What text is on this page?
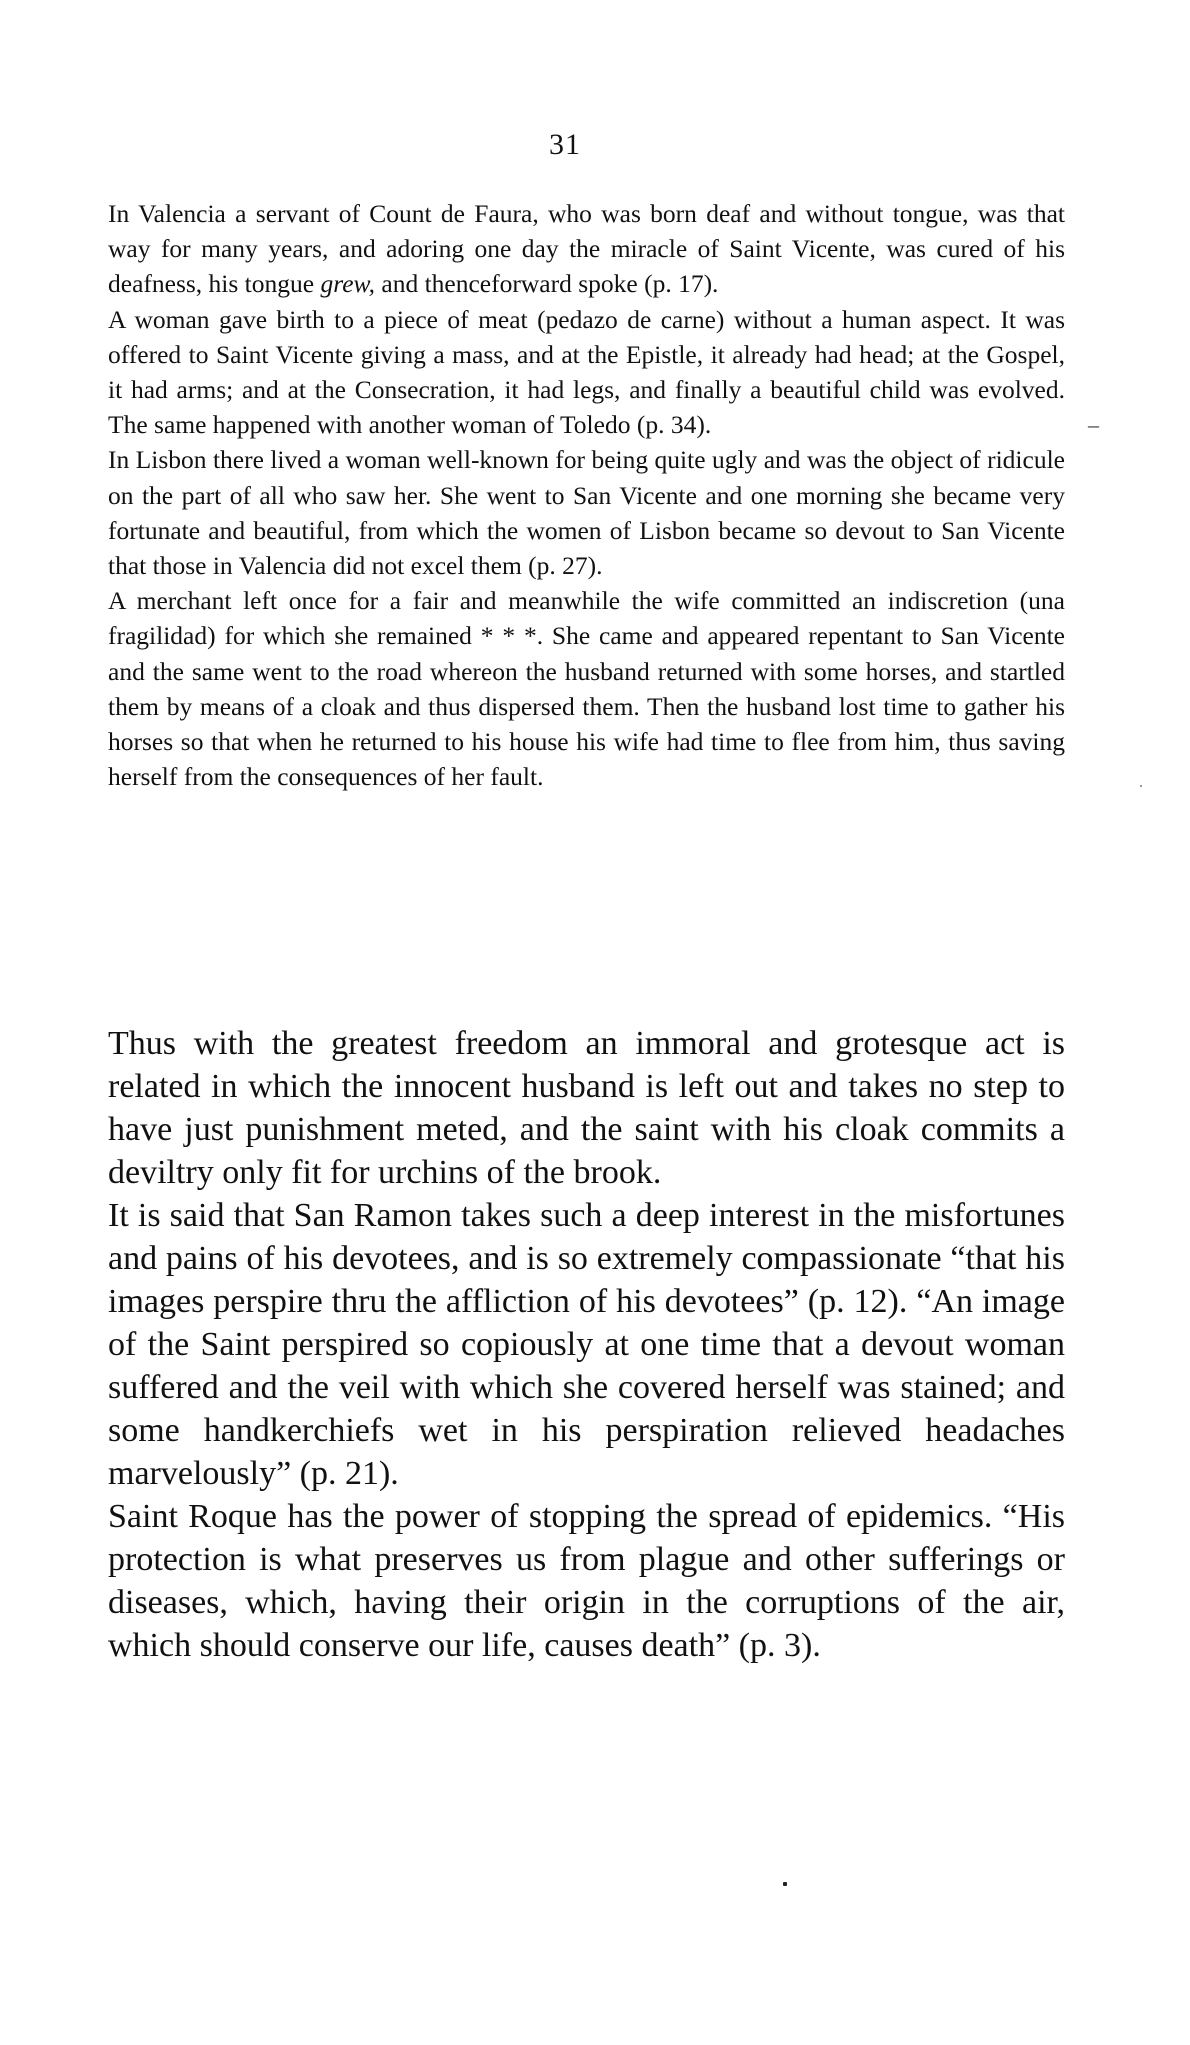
31
–

In Valencia a servant of Count de Faura, who was born deaf and without tongue, was that way for many years, and adoring one day the miracle of Saint Vicente, was cured of his deafness, his tongue grew, and thenceforward spoke (p. 17).

A woman gave birth to a piece of meat (pedazo de carne) without a human aspect. It was offered to Saint Vicente giving a mass, and at the Epistle, it already had head; at the Gospel, it had arms; and at the Consecration, it had legs, and finally a beautiful child was evolved. The same happened with another woman of Toledo (p. 34).

In Lisbon there lived a woman well-known for being quite ugly and was the object of ridicule on the part of all who saw her. She went to San Vicente and one morning she became very fortunate and beautiful, from which the women of Lisbon became so devout to San Vicente that those in Valencia did not excel them (p. 27).

A merchant left once for a fair and meanwhile the wife committed an indiscretion (una fragilidad) for which she remained * * *. She came and appeared repentant to San Vicente and the same went to the road whereon the husband returned with some horses, and startled them by means of a cloak and thus dispersed them. Then the husband lost time to gather his horses so that when he returned to his house his wife had time to flee from him, thus saving herself from the consequences of her fault.

Thus with the greatest freedom an immoral and grotesque act is related in which the innocent husband is left out and takes no step to have just punishment meted, and the saint with his cloak commits a deviltry only fit for urchins of the brook.

It is said that San Ramon takes such a deep interest in the misfortunes and pains of his devotees, and is so extremely compassionate “that his images perspire thru the affliction of his devotees” (p. 12). “An image of the Saint perspired so copiously at one time that a devout woman suffered and the veil with which she covered herself was stained; and some handkerchiefs wet in his perspiration relieved headaches marvelously” (p. 21).

Saint Roque has the power of stopping the spread of epidemics. “His protection is what preserves us from plague and other sufferings or diseases, which, having their origin in the corruptions of the air, which should conserve our life, causes death” (p. 3).
